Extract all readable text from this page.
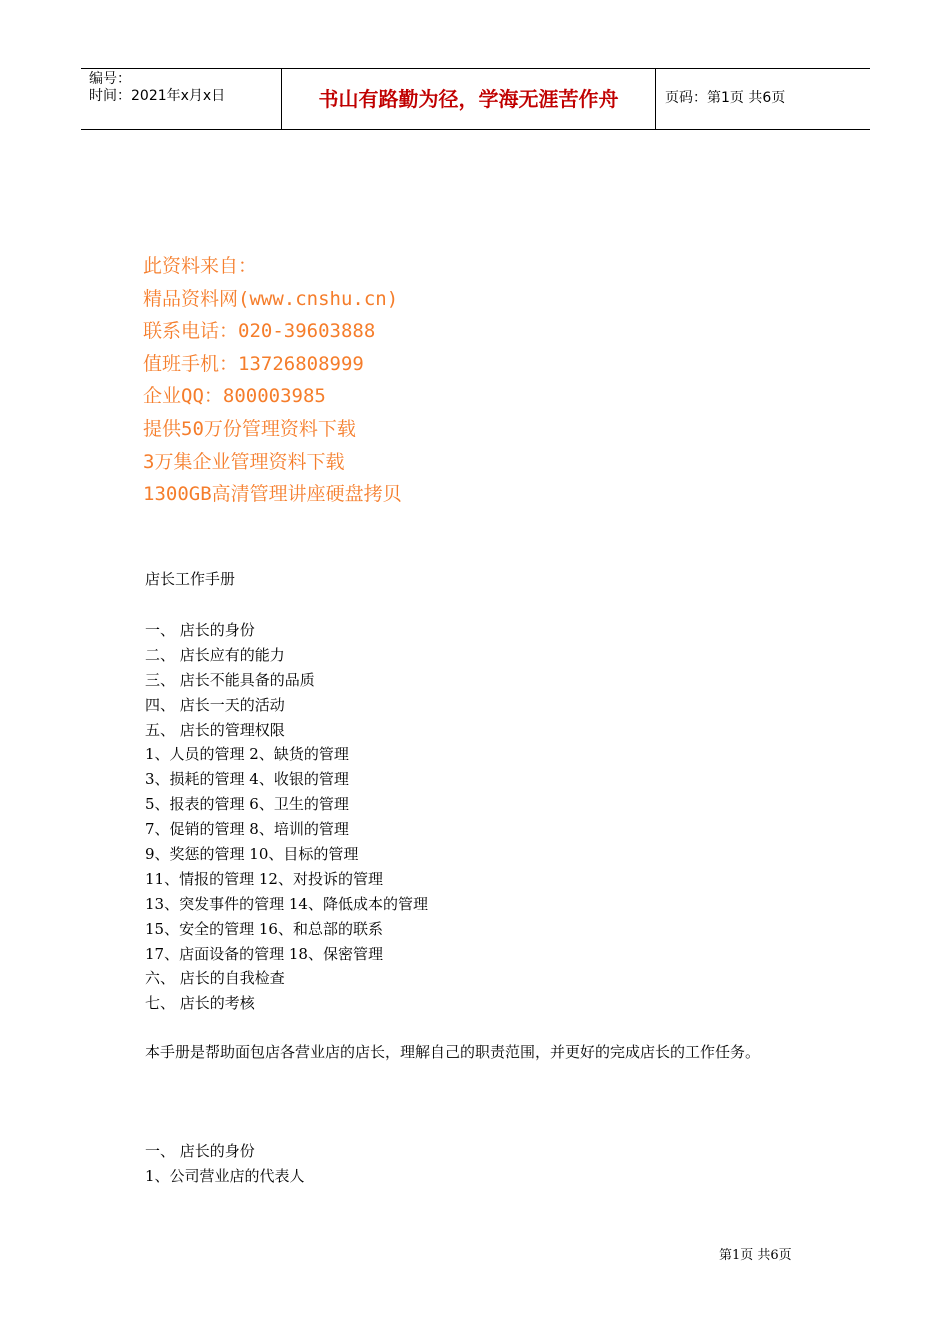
编号：
时间：2021年x月x日	书山有路勤为径，学海无涯苦作舟	页码：第1页 共6页
此资料来自：
精品资料网(www.cnshu.cn)
联系电话：020-39603888
值班手机：13726808999
企业QQ：800003985
提供50万份管理资料下载
3万集企业管理资料下载
1300GB高清管理讲座硬盘拷贝
店长工作手册
一、 店长的身份
二、 店长应有的能力
三、 店长不能具备的品质
四、 店长一天的活动
五、 店长的管理权限
1、人员的管理 2、缺货的管理
3、损耗的管理 4、收银的管理
5、报表的管理 6、卫生的管理
7、促销的管理 8、培训的管理
9、奖惩的管理 10、目标的管理
11、情报的管理 12、对投诉的管理
13、突发事件的管理 14、降低成本的管理
15、安全的管理 16、和总部的联系
17、店面设备的管理 18、保密管理
六、 店长的自我检查
七、 店长的考核
本手册是帮助面包店各营业店的店长，理解自己的职责范围，并更好的完成店长的工作任务。
一、 店长的身份
1、公司营业店的代表人
第1页 共6页
